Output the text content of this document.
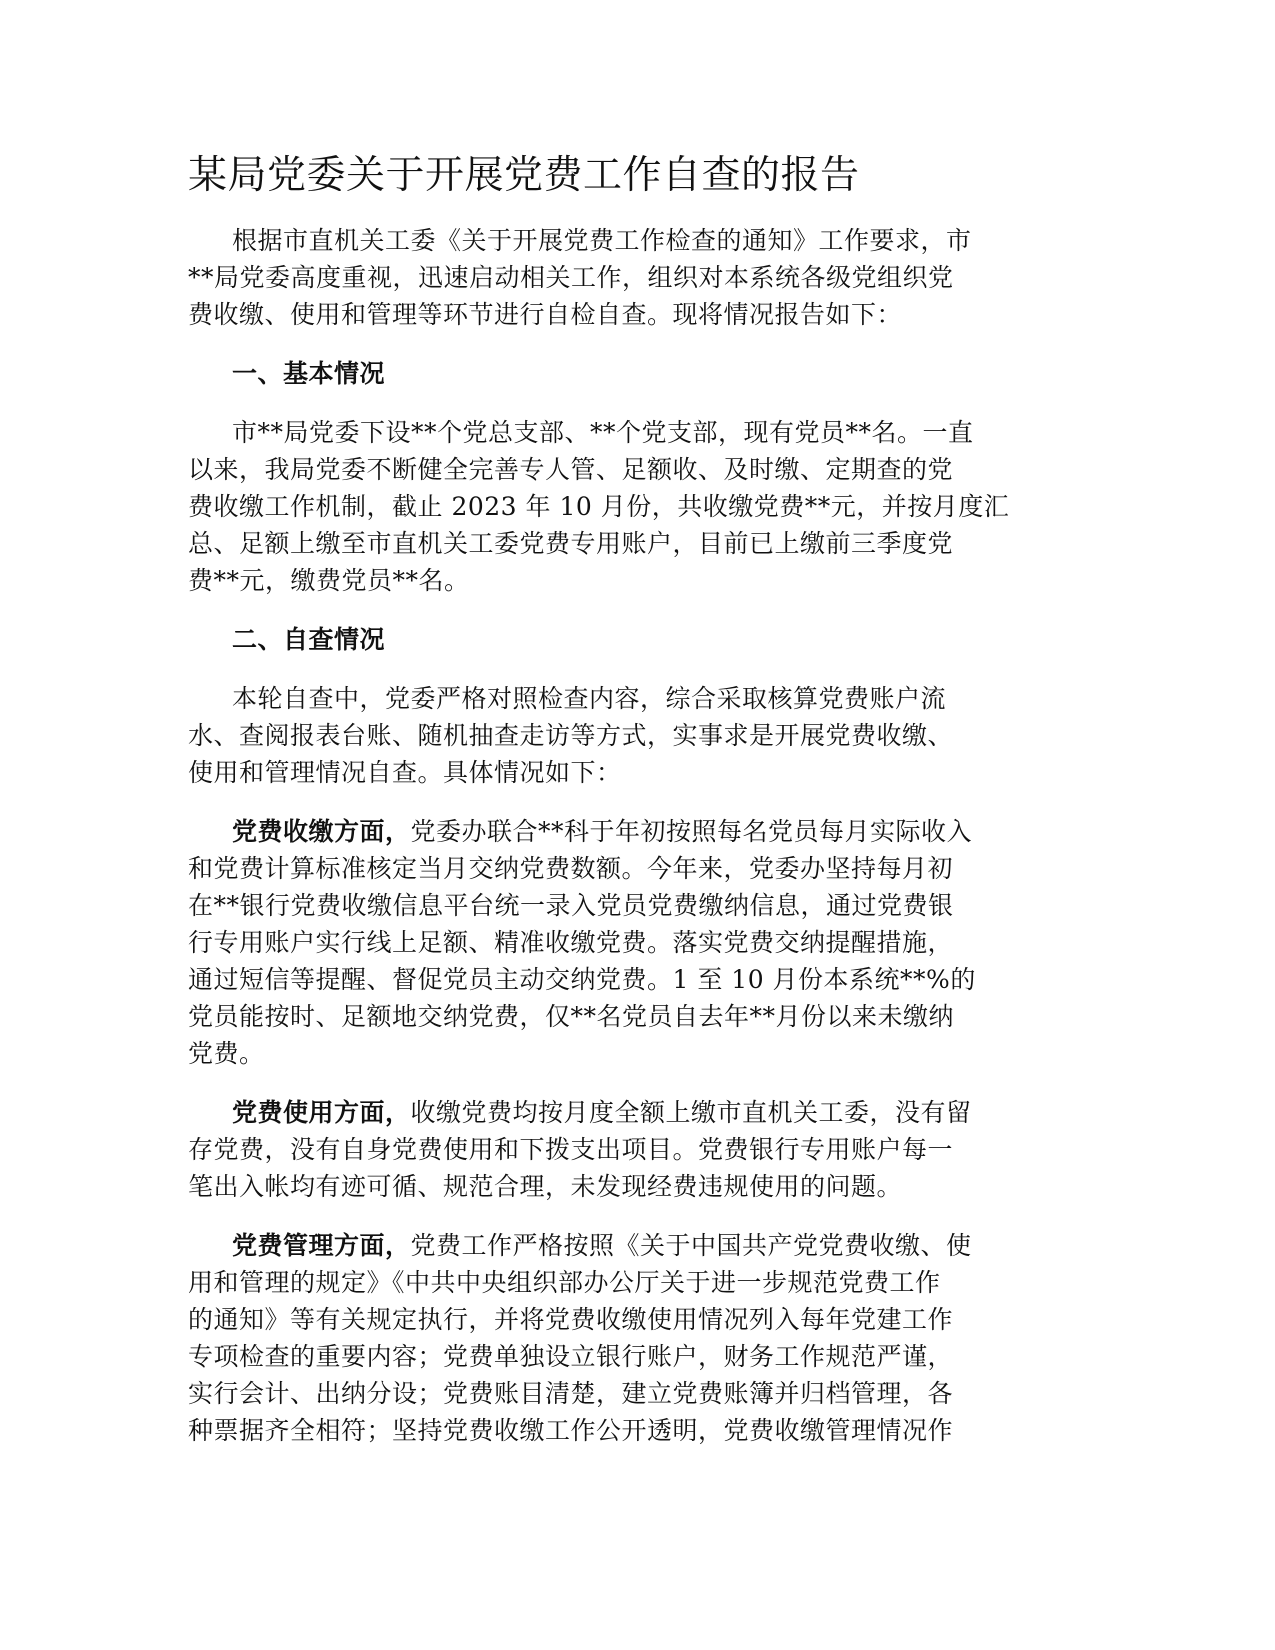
某局党委关于开展党费工作自查的报告

根据市直机关工委《关于开展党费工作检查的通知》工作要求，市
**局党委高度重视，迅速启动相关工作，组织对本系统各级党组织党
费收缴、使用和管理等环节进行自检自查。现将情况报告如下：

一、基本情况

市**局党委下设**个党总支部、**个党支部，现有党员**名。一直
以来，我局党委不断健全完善专人管、足额收、及时缴、定期查的党
费收缴工作机制，截止 2023 年 10 月份，共收缴党费**元，并按月度汇
总、足额上缴至市直机关工委党费专用账户，目前已上缴前三季度党
费**元，缴费党员**名。

二、自查情况

本轮自查中，党委严格对照检查内容，综合采取核算党费账户流
水、查阅报表台账、随机抽查走访等方式，实事求是开展党费收缴、
使用和管理情况自查。具体情况如下：

党费收缴方面，党委办联合**科于年初按照每名党员每月实际收入
和党费计算标准核定当月交纳党费数额。今年来，党委办坚持每月初
在**银行党费收缴信息平台统一录入党员党费缴纳信息，通过党费银
行专用账户实行线上足额、精准收缴党费。落实党费交纳提醒措施，
通过短信等提醒、督促党员主动交纳党费。1 至 10 月份本系统**%的
党员能按时、足额地交纳党费，仅**名党员自去年**月份以来未缴纳
党费。

党费使用方面，收缴党费均按月度全额上缴市直机关工委，没有留
存党费，没有自身党费使用和下拨支出项目。党费银行专用账户每一
笔出入帐均有迹可循、规范合理，未发现经费违规使用的问题。

党费管理方面，党费工作严格按照《关于中国共产党党费收缴、使
用和管理的规定》《中共中央组织部办公厅关于进一步规范党费工作
的通知》等有关规定执行，并将党费收缴使用情况列入每年党建工作
专项检查的重要内容；党费单独设立银行账户，财务工作规范严谨，
实行会计、出纳分设；党费账目清楚，建立党费账簿并归档管理，各
种票据齐全相符；坚持党费收缴工作公开透明，党费收缴管理情况作
